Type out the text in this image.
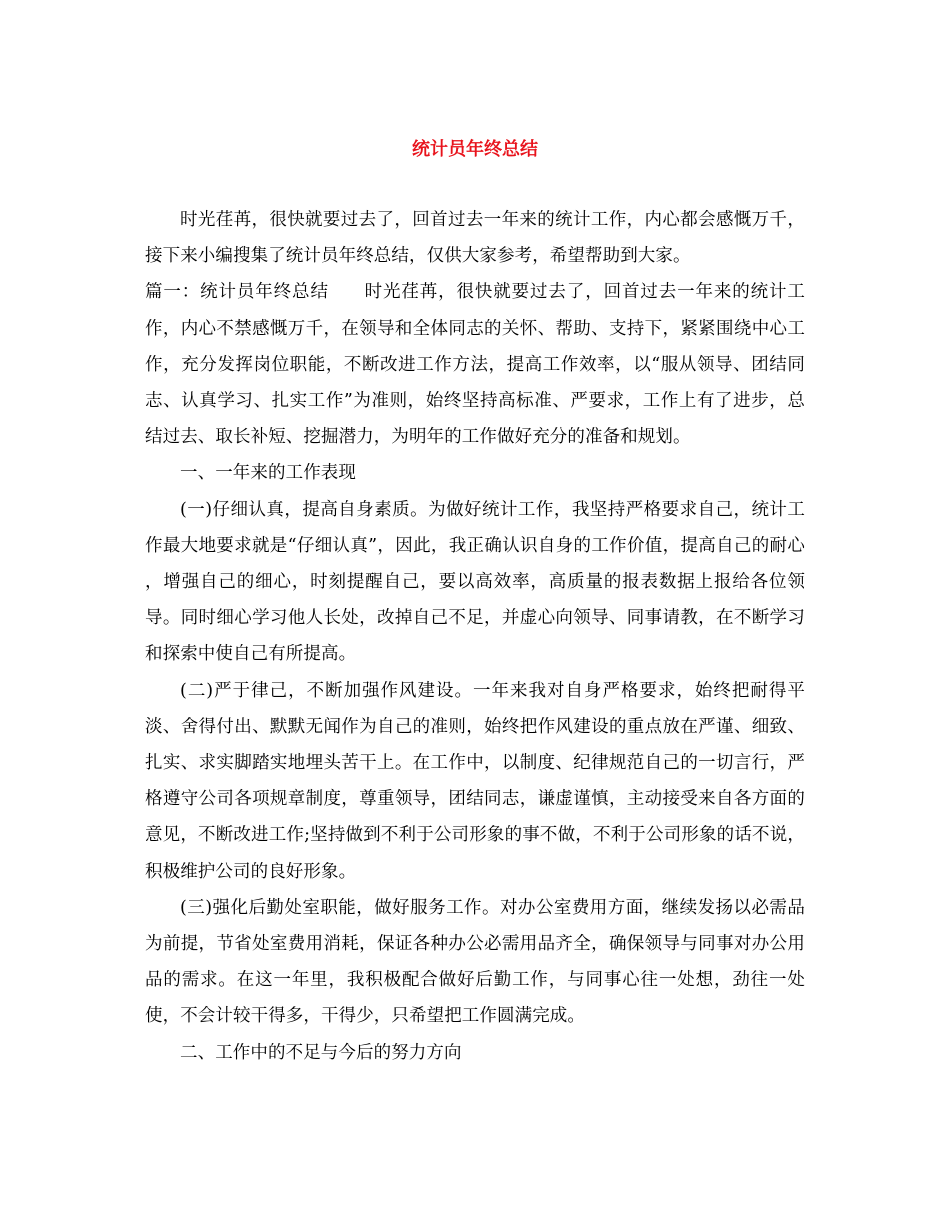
统计员年终总结

时光荏苒，很快就要过去了，回首过去一年来的统计工作，内心都会感慨万千，接下来小编搜集了统计员年终总结，仅供大家参考，希望帮助到大家。

篇一：统计员年终总结 时光荏苒，很快就要过去了，回首过去一年来的统计工作，内心不禁感慨万千，在领导和全体同志的关怀、帮助、支持下，紧紧围绕中心工作，充分发挥岗位职能，不断改进工作方法，提高工作效率，以“服从领导、团结同志、认真学习、扎实工作”为准则，始终坚持高标准、严要求，工作上有了进步，总结过去、取长补短、挖掘潜力，为明年的工作做好充分的准备和规划。

一、一年来的工作表现

(一)仔细认真，提高自身素质。为做好统计工作，我坚持严格要求自己，统计工作最大地要求就是“仔细认真”，因此，我正确认识自身的工作价值，提高自己的耐心 ，增强自己的细心，时刻提醒自己，要以高效率，高质量的报表数据上报给各位领导。同时细心学习他人长处，改掉自己不足，并虚心向领导、同事请教，在不断学习和探索中使自己有所提高。

(二)严于律己，不断加强作风建设。一年来我对自身严格要求，始终把耐得平淡、舍得付出、默默无闻作为自己的准则，始终把作风建设的重点放在严谨、细致、扎实、求实脚踏实地埋头苦干上。在工作中，以制度、纪律规范自己的一切言行，严格遵守公司各项规章制度，尊重领导，团结同志，谦虚谨慎，主动接受来自各方面的意见，不断改进工作;坚持做到不利于公司形象的事不做，不利于公司形象的话不说，积极维护公司的良好形象。

(三)强化后勤处室职能，做好服务工作。对办公室费用方面，继续发扬以必需品为前提，节省处室费用消耗，保证各种办公必需用品齐全，确保领导与同事对办公用品的需求。在这一年里，我积极配合做好后勤工作，与同事心往一处想，劲往一处使，不会计较干得多，干得少，只希望把工作圆满完成。

二、工作中的不足与今后的努力方向
